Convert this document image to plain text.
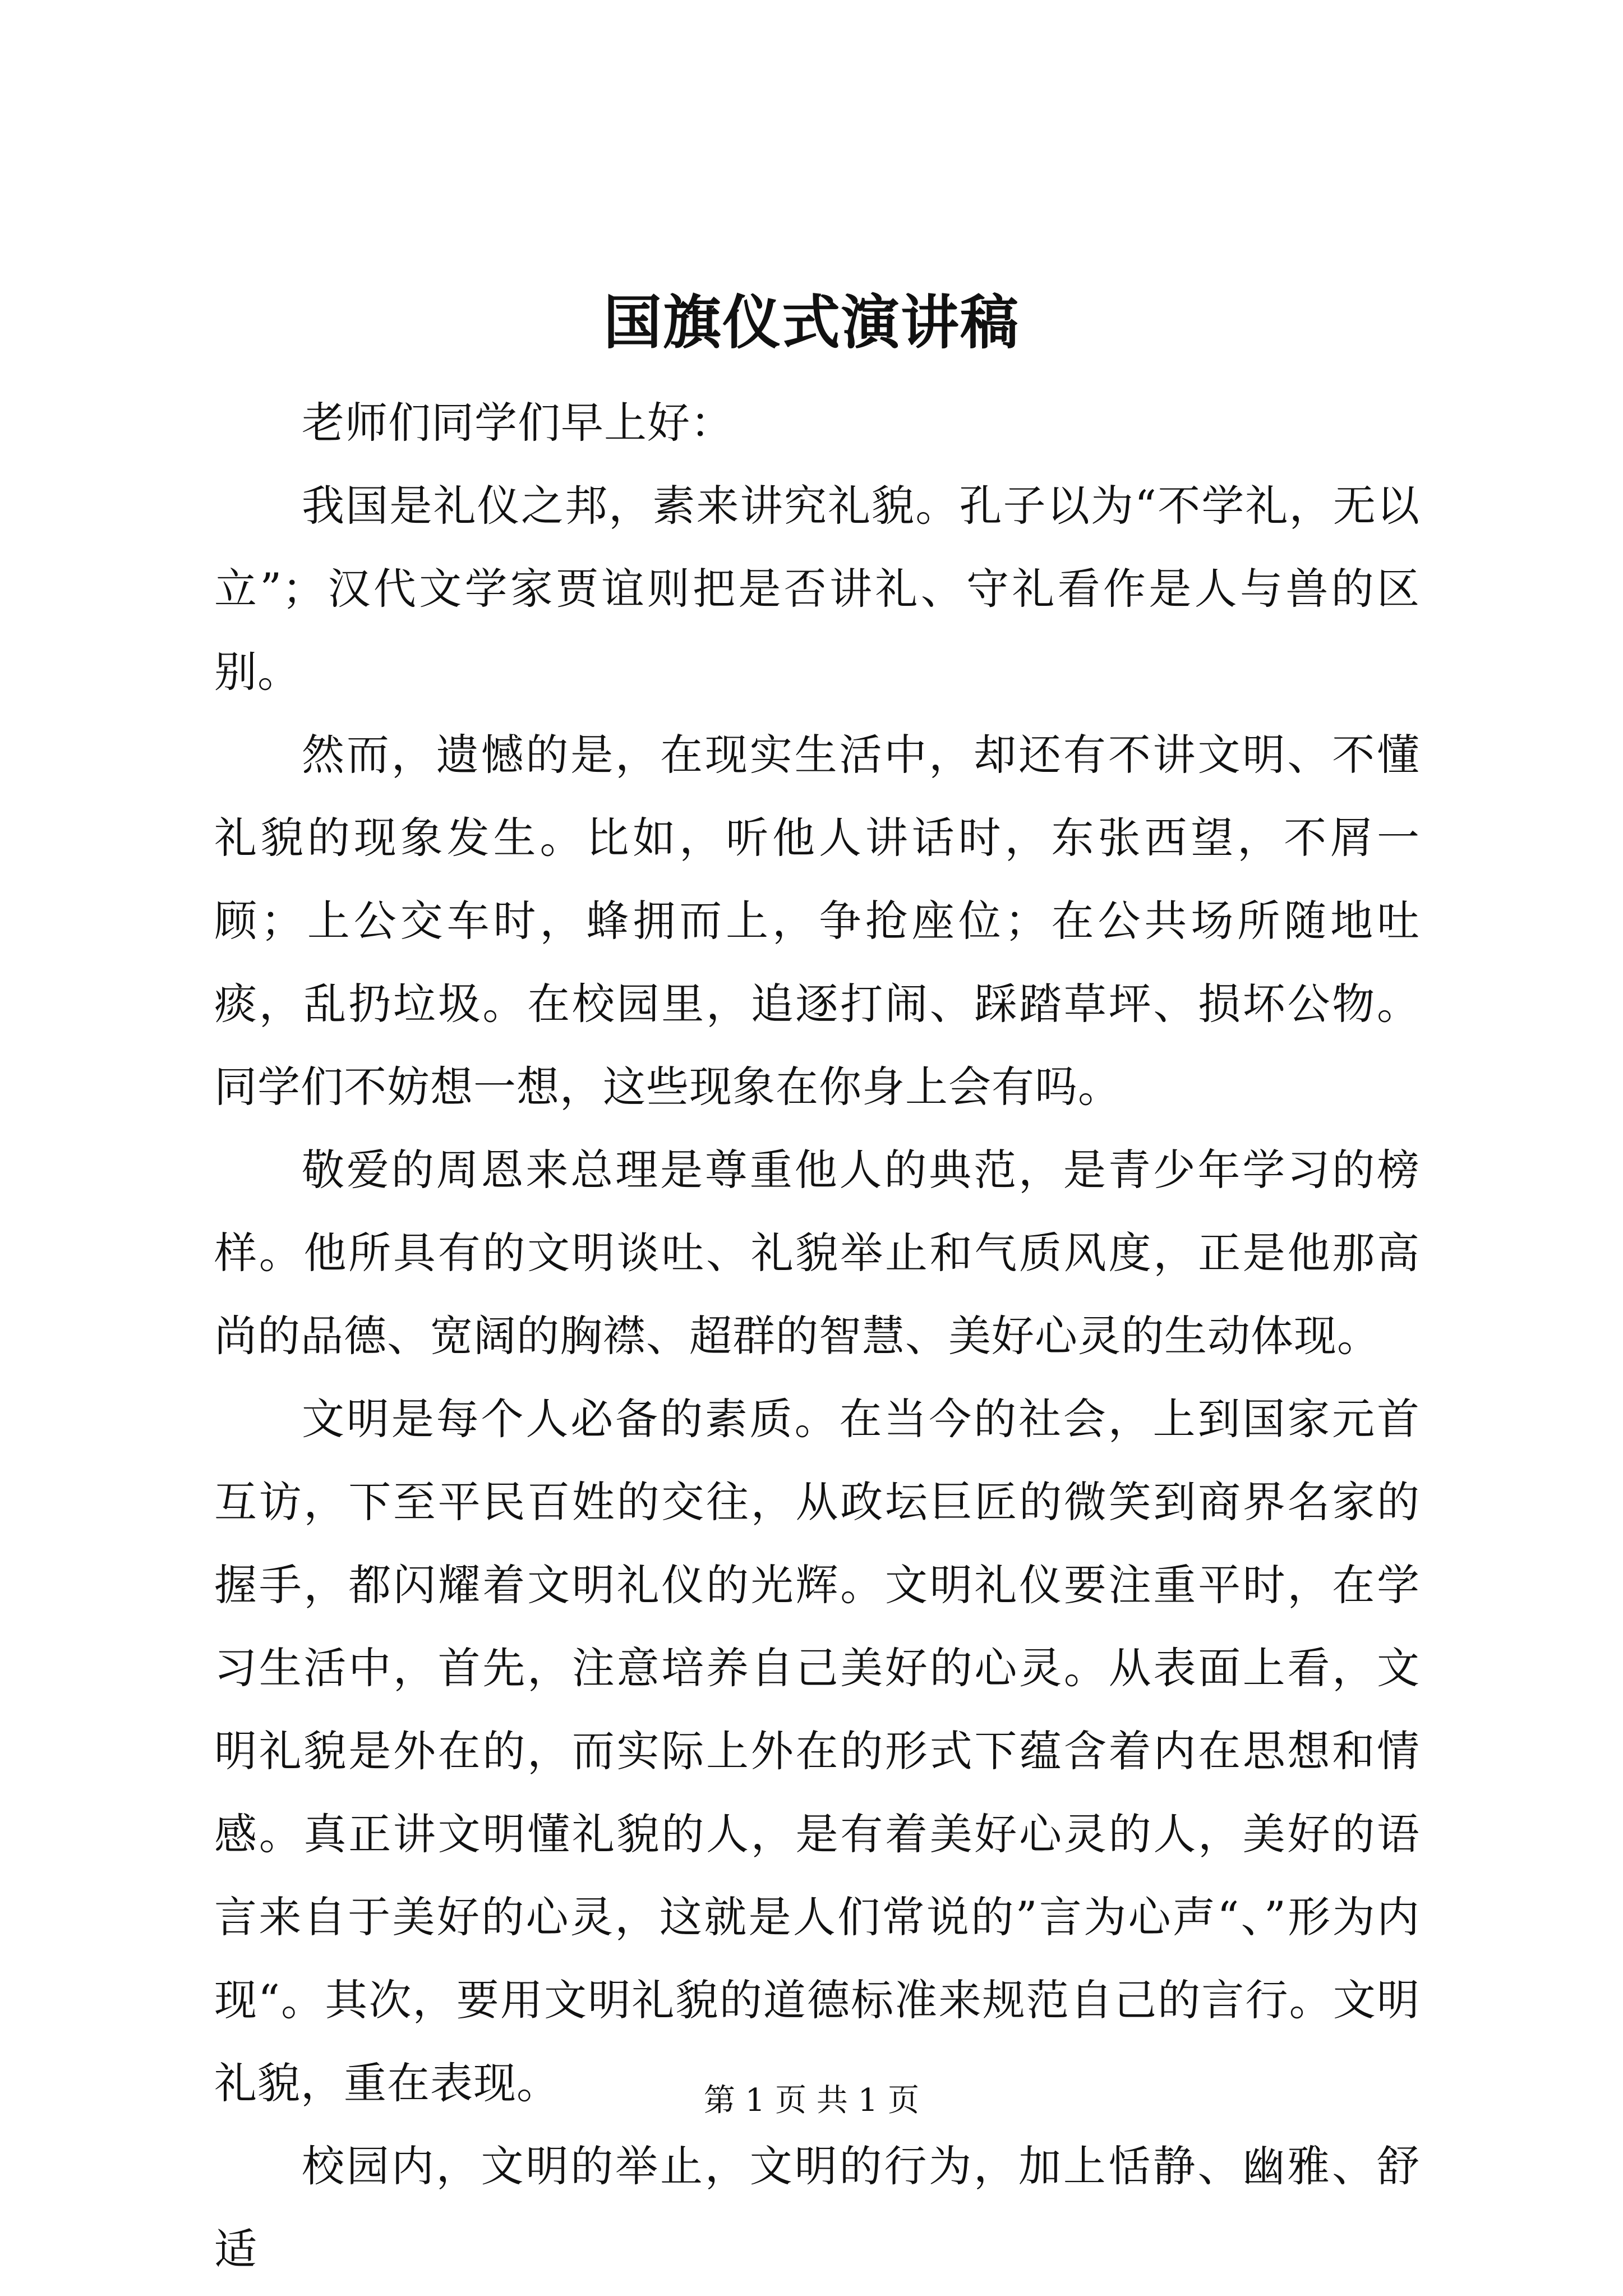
国旗仪式演讲稿

老师们同学们早上好：

我国是礼仪之邦，素来讲究礼貌。孔子以为“不学礼，无以立”；汉代文学家贾谊则把是否讲礼、守礼看作是人与兽的区别。

然而，遗憾的是，在现实生活中，却还有不讲文明、不懂礼貌的现象发生。比如，听他人讲话时，东张西望，不屑一顾；上公交车时，蜂拥而上，争抢座位；在公共场所随地吐痰，乱扔垃圾。在校园里，追逐打闹、踩踏草坪、损坏公物。同学们不妨想一想，这些现象在你身上会有吗。

敬爱的周恩来总理是尊重他人的典范，是青少年学习的榜样。他所具有的文明谈吐、礼貌举止和气质风度，正是他那高尚的品德、宽阔的胸襟、超群的智慧、美好心灵的生动体现。

文明是每个人必备的素质。在当今的社会，上到国家元首互访，下至平民百姓的交往，从政坛巨匠的微笑到商界名家的握手，都闪耀着文明礼仪的光辉。文明礼仪要注重平时，在学习生活中，首先，注意培养自己美好的心灵。从表面上看，文明礼貌是外在的，而实际上外在的形式下蕴含着内在思想和情感。真正讲文明懂礼貌的人，是有着美好心灵的人，美好的语言来自于美好的心灵，这就是人们常说的”言为心声“、”形为内现“。其次，要用文明礼貌的道德标准来规范自己的言行。文明礼貌，重在表现。

校园内，文明的举止，文明的行为，加上恬静、幽雅、舒适

第 1 页 共 1 页
